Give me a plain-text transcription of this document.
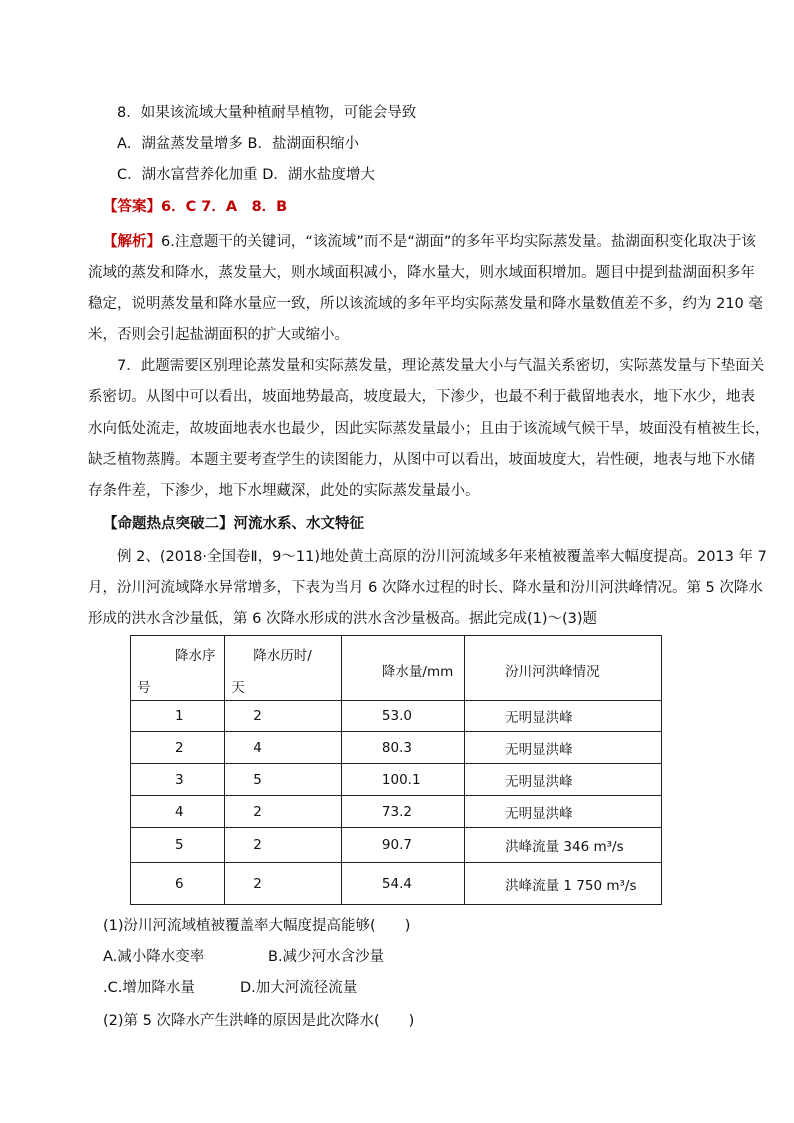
8．如果该流域大量种植耐旱植物，可能会导致
A．湖盆蒸发量增多 B．盐湖面积缩小
C．湖水富营养化加重 D．湖水盐度增大
【答案】6．C 7．A　8．B
【解析】6.注意题干的关键词，“该流域”而不是“湖面”的多年平均实际蒸发量。盐湖面积变化取决于该
流域的蒸发和降水，蒸发量大，则水域面积减小，降水量大，则水域面积增加。题目中提到盐湖面积多年
稳定，说明蒸发量和降水量应一致，所以该流域的多年平均实际蒸发量和降水量数值差不多，约为 210 毫
米，否则会引起盐湖面积的扩大或缩小。
7．此题需要区别理论蒸发量和实际蒸发量，理论蒸发量大小与气温关系密切，实际蒸发量与下垫面关
系密切。从图中可以看出，坡面地势最高，坡度最大，下渗少，也最不利于截留地表水，地下水少，地表
水向低处流走，故坡面地表水也最少，因此实际蒸发量最小；且由于该流域气候干旱，坡面没有植被生长，
缺乏植物蒸腾。本题主要考查学生的读图能力，从图中可以看出，坡面坡度大，岩性硬，地表与地下水储
存条件差，下渗少，地下水埋藏深，此处的实际蒸发量最小。
【命题热点突破二】河流水系、水文特征
例 2、(2018·全国卷Ⅱ，9～11)地处黄土高原的汾川河流域多年来植被覆盖率大幅度提高。2013 年 7
月，汾川河流域降水异常增多，下表为当月 6 次降水过程的时长、降水量和汾川河洪峰情况。第 5 次降水
形成的洪水含沙量低，第 6 次降水形成的洪水含沙量极高。据此完成(1)～(3)题
降水序
号	降水历时/
天	降水量/mm	汾川河洪峰情况

1	2	53.0	无明显洪峰
2	4	80.3	无明显洪峰
3	5	100.1	无明显洪峰
4	2	73.2	无明显洪峰
5	2	90.7	洪峰流量 346 m³/s
6	2	54.4	洪峰流量 1 750 m³/s
(1)汾川河流域植被覆盖率大幅度提高能够(　　)
A.减小降水变率	B.减少河水含沙量
.C.增加降水量	D.加大河流径流量
(2)第 5 次降水产生洪峰的原因是此次降水(　　)
